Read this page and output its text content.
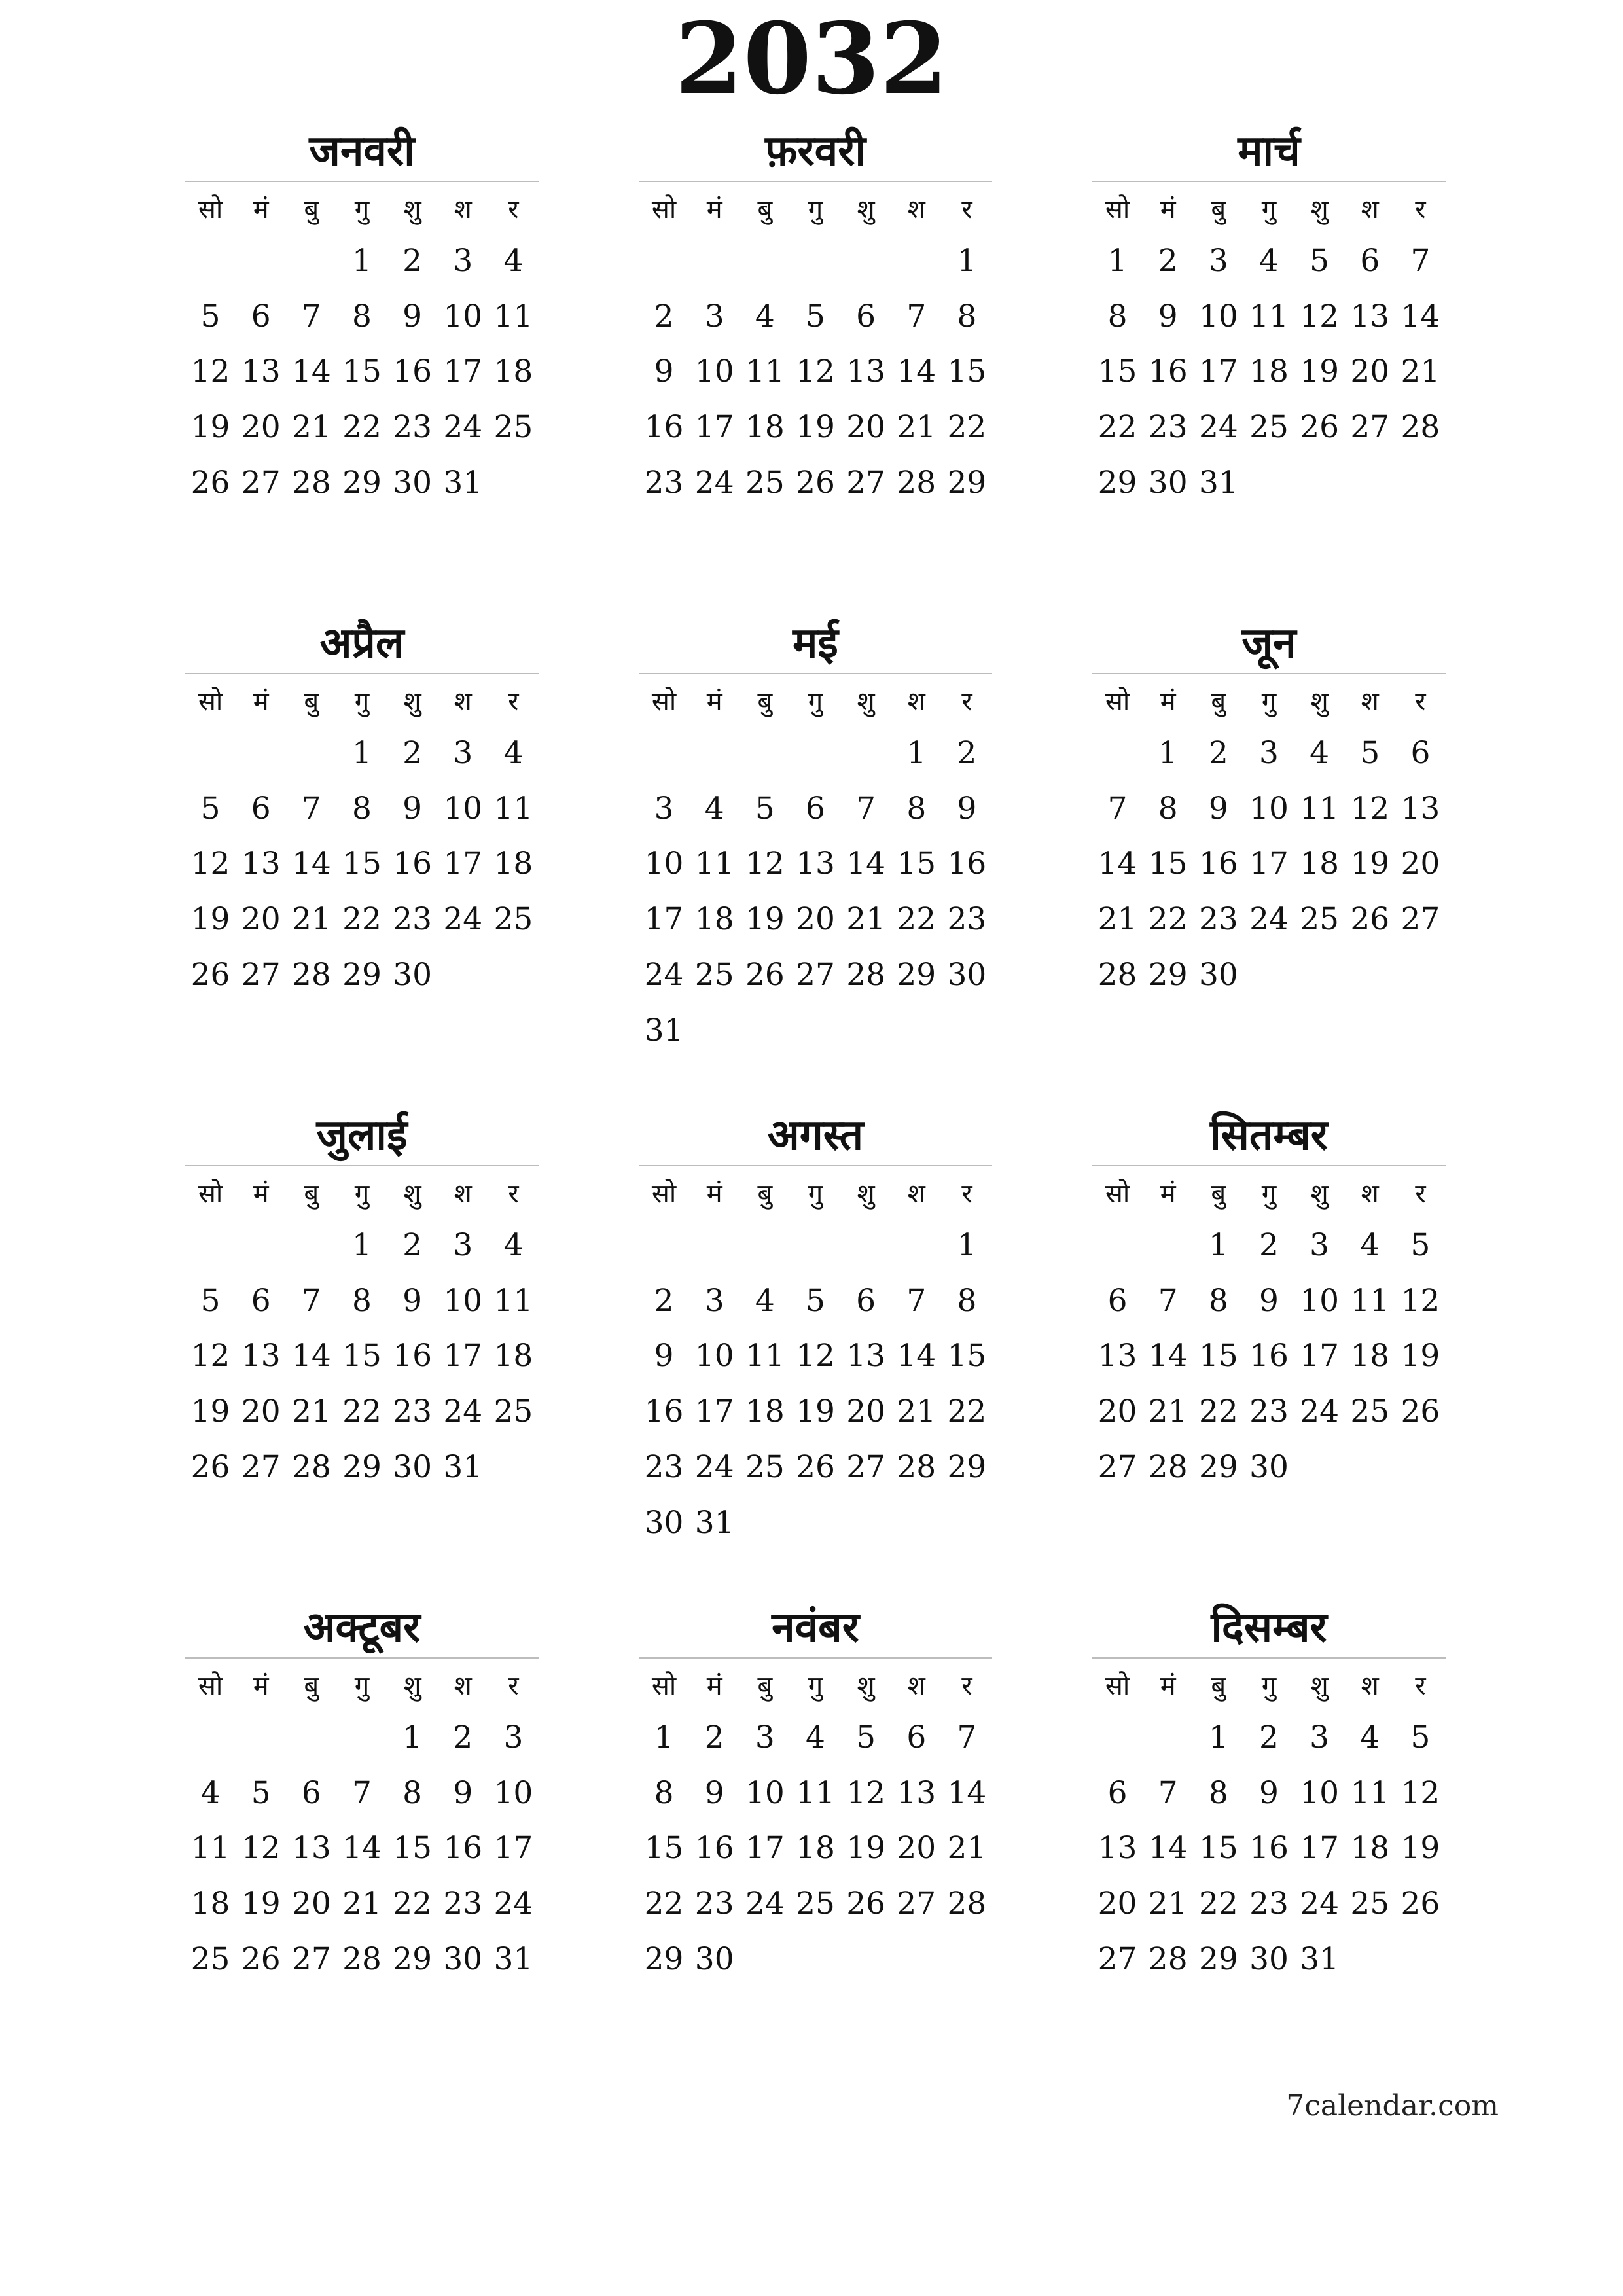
2032
जनवरी
सो	मं	बु	गु	शु	श	र
			1	2	3	4
5	6	7	8	9	10	11
12	13	14	15	16	17	18
19	20	21	22	23	24	25
26	27	28	29	30	31	
फ़रवरी
सो	मं	बु	गु	शु	श	र
						1
2	3	4	5	6	7	8
9	10	11	12	13	14	15
16	17	18	19	20	21	22
23	24	25	26	27	28	29
मार्च
सो	मं	बु	गु	शु	श	र
1	2	3	4	5	6	7
8	9	10	11	12	13	14
15	16	17	18	19	20	21
22	23	24	25	26	27	28
29	30	31				
अप्रैल
सो	मं	बु	गु	शु	श	र
			1	2	3	4
5	6	7	8	9	10	11
12	13	14	15	16	17	18
19	20	21	22	23	24	25
26	27	28	29	30		
मई
सो	मं	बु	गु	शु	श	र
					1	2
3	4	5	6	7	8	9
10	11	12	13	14	15	16
17	18	19	20	21	22	23
24	25	26	27	28	29	30
31						
जून
सो	मं	बु	गु	शु	श	र
	1	2	3	4	5	6
7	8	9	10	11	12	13
14	15	16	17	18	19	20
21	22	23	24	25	26	27
28	29	30				
जुलाई
सो	मं	बु	गु	शु	श	र
			1	2	3	4
5	6	7	8	9	10	11
12	13	14	15	16	17	18
19	20	21	22	23	24	25
26	27	28	29	30	31	
अगस्त
सो	मं	बु	गु	शु	श	र
						1
2	3	4	5	6	7	8
9	10	11	12	13	14	15
16	17	18	19	20	21	22
23	24	25	26	27	28	29
30	31					
सितम्बर
सो	मं	बु	गु	शु	श	र
		1	2	3	4	5
6	7	8	9	10	11	12
13	14	15	16	17	18	19
20	21	22	23	24	25	26
27	28	29	30			
अक्टूबर
सो	मं	बु	गु	शु	श	र
				1	2	3
4	5	6	7	8	9	10
11	12	13	14	15	16	17
18	19	20	21	22	23	24
25	26	27	28	29	30	31
नवंबर
सो	मं	बु	गु	शु	श	र
1	2	3	4	5	6	7
8	9	10	11	12	13	14
15	16	17	18	19	20	21
22	23	24	25	26	27	28
29	30					
दिसम्बर
सो	मं	बु	गु	शु	श	र
		1	2	3	4	5
6	7	8	9	10	11	12
13	14	15	16	17	18	19
20	21	22	23	24	25	26
27	28	29	30	31		
7calendar.com
